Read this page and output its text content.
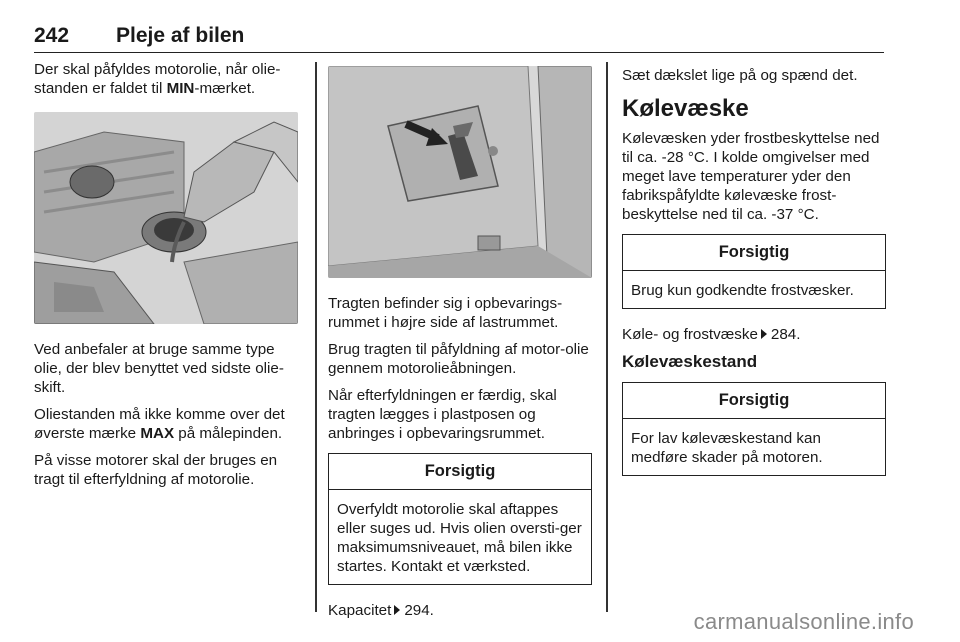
242 Pleje af bilen

Der skal påfyldes motorolie, når olie-standen er faldet til MIN-mærket.

Ved anbefaler at bruge samme type olie, der blev benyttet ved sidste olie-skift.

Oliestanden må ikke komme over det øverste mærke MAX på målepinden.

På visse motorer skal der bruges en tragt til efterfyldning af motorolie.

Tragten befinder sig i opbevarings-rummet i højre side af lastrummet.

Brug tragten til påfyldning af motor-olie gennem motorolieåbningen.

Når efterfyldningen er færdig, skal tragten lægges i plastposen og anbringes i opbevaringsrummet.

Forsigtig
Overfyldt motorolie skal aftappes eller suges ud. Hvis olien oversti-ger maksimumsniveauet, må bilen ikke startes. Kontakt et værksted.

Kapacitet 294.

Sæt dækslet lige på og spænd det.

Kølevæske

Kølevæsken yder frostbeskyttelse ned til ca. -28 °C. I kolde omgivelser med meget lave temperaturer yder den fabrikspåfyldte kølevæske frost-beskyttelse ned til ca. -37 °C.

Forsigtig
Brug kun godkendte frostvæsker.

Køle- og frostvæske 284.

Kølevæskestand
Forsigtig
For lav kølevæskestand kan medføre skader på motoren.
carmanualsonline.info
